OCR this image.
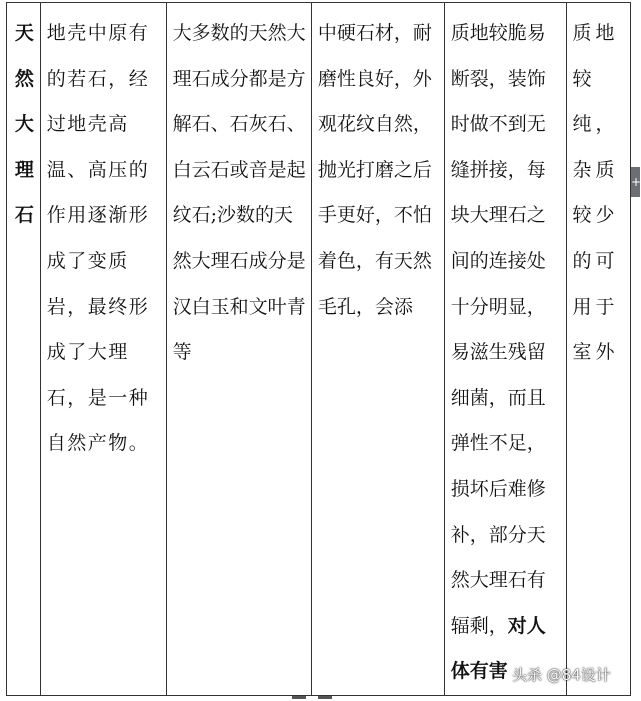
天然大理石	地壳中原有的若石，经过地壳高温、高压的作用逐渐形成了变质岩，最终形成了大理石，是一种自然产物。	大多数的天然大理石成分都是方解石、石灰石、白云石或音是起纹石;沙数的天然大理石成分是汉白玉和文叶青等	中硬石材，耐磨性良好，外观花纹自然，抛光打磨之后手更好，不怕着色，有天然毛孔，会添	质地较脆易断裂，装饰时做不到无缝拼接，每块大理石之间的连接处十分明显，易滋生残留细菌，而且弹性不足，损坏后难修补，部分天然大理石有辐剩，对人体有害	质地较纯，杂质较少的可用于室外
+
头杀 @84设计
